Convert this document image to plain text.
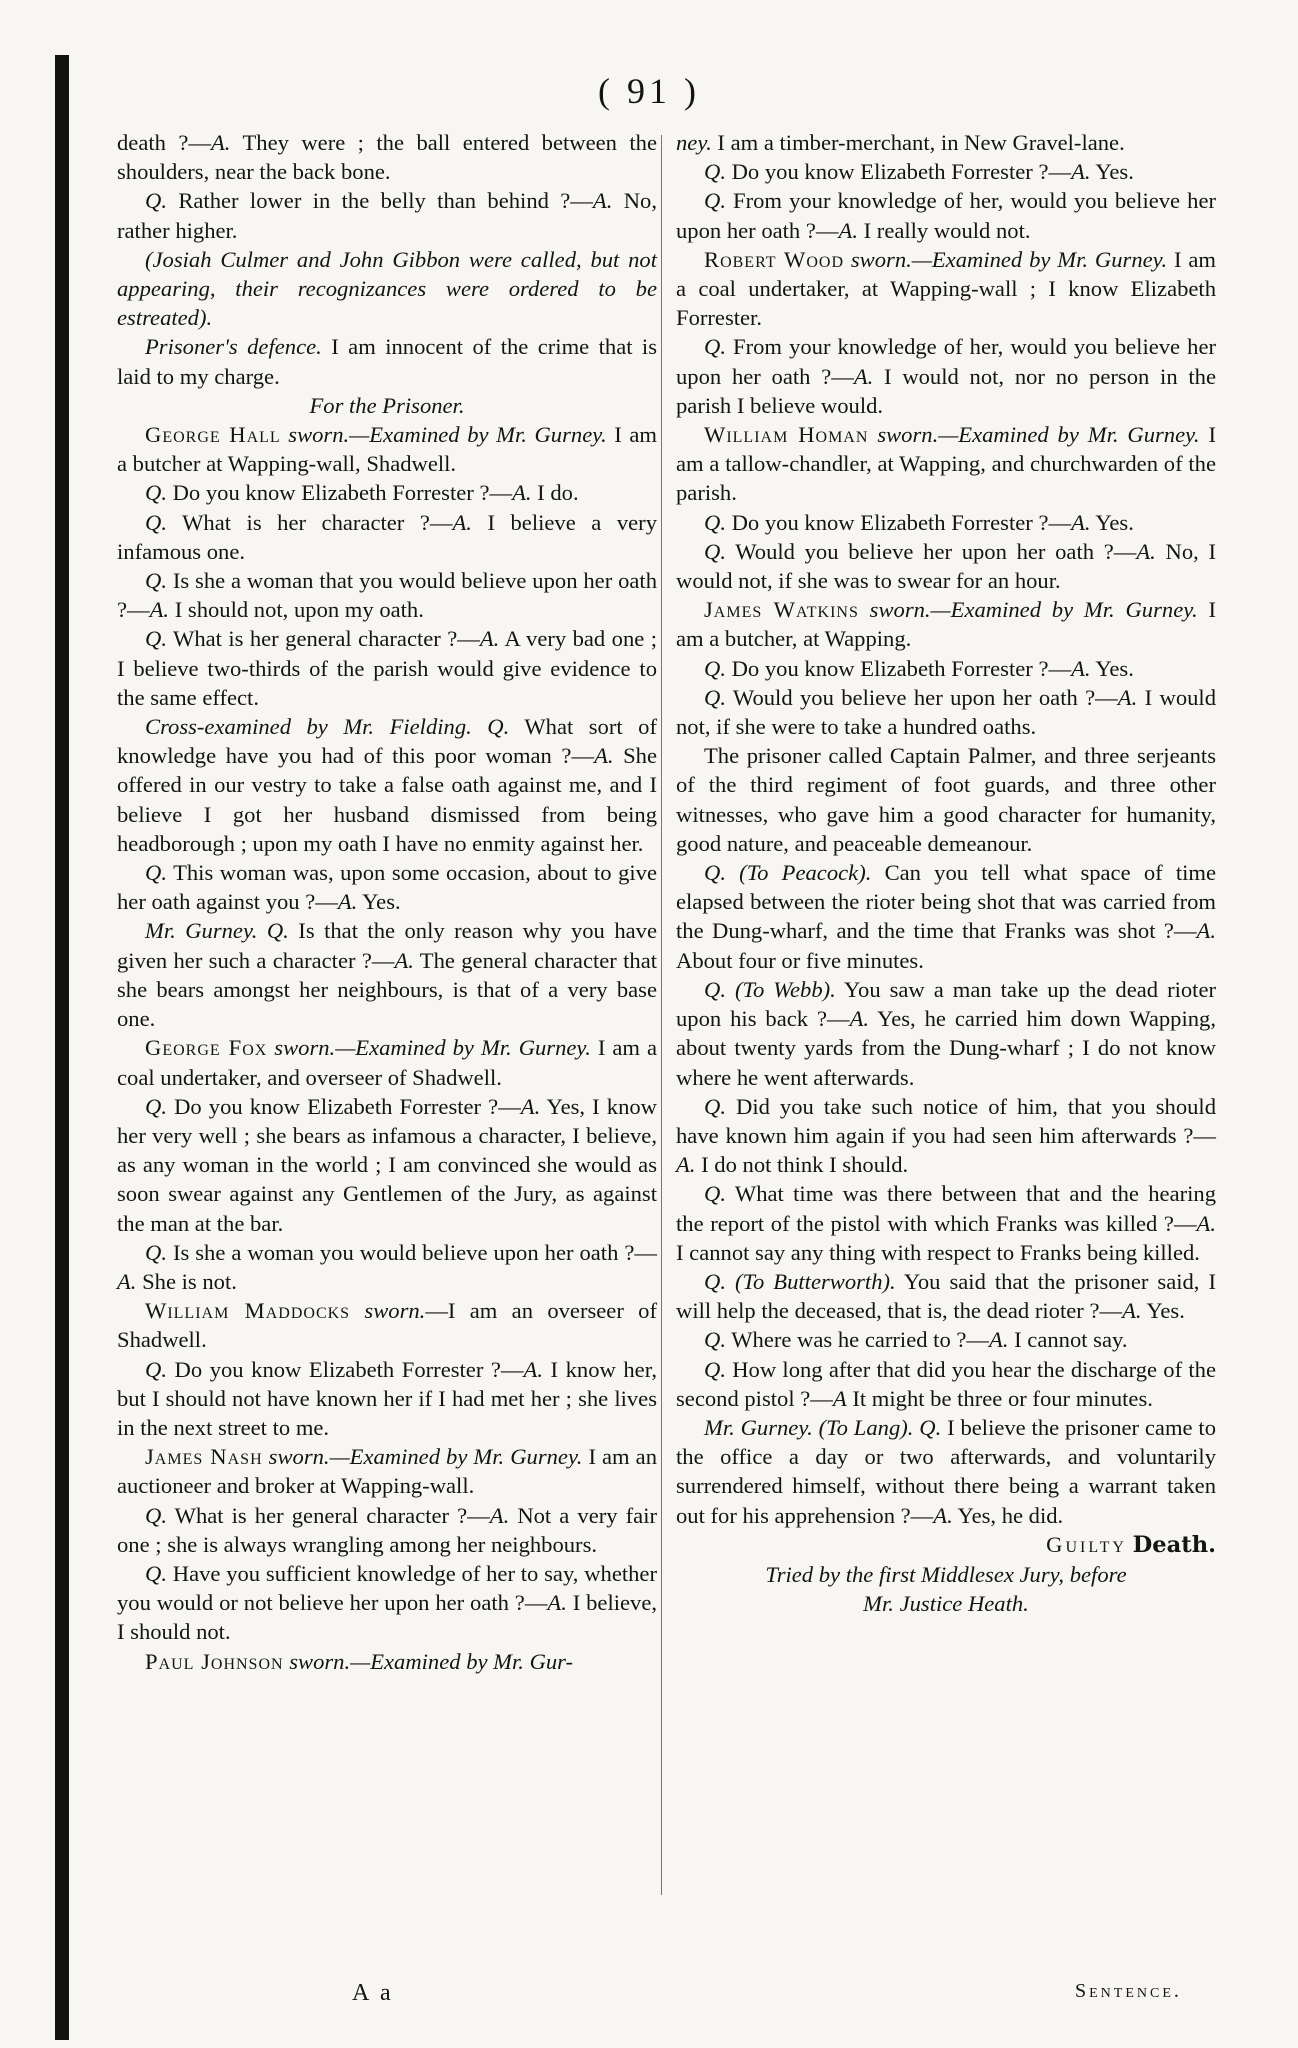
( 91 )

death ?—A. They were ; the ball entered between the shoulders, near the back bone.

Q. Rather lower in the belly than behind ?—A. No, rather higher.

(Josiah Culmer and John Gibbon were called, but not appearing, their recognizances were ordered to be estreated).

Prisoner's defence. I am innocent of the crime that is laid to my charge.

For the Prisoner.

George Hall sworn.—Examined by Mr. Gurney. I am a butcher at Wapping-wall, Shadwell.

Q. Do you know Elizabeth Forrester ?—A. I do.

Q. What is her character ?—A. I believe a very infamous one.

Q. Is she a woman that you would believe upon her oath ?—A. I should not, upon my oath.

Q. What is her general character ?—A. A very bad one ; I believe two-thirds of the parish would give evidence to the same effect.

Cross-examined by Mr. Fielding. Q. What sort of knowledge have you had of this poor woman ?—A. She offered in our vestry to take a false oath against me, and I believe I got her husband dismissed from being headborough ; upon my oath I have no enmity against her.

Q. This woman was, upon some occasion, about to give her oath against you ?—A. Yes.

Mr. Gurney. Q. Is that the only reason why you have given her such a character ?—A. The general character that she bears amongst her neighbours, is that of a very base one.

George Fox sworn.—Examined by Mr. Gurney. I am a coal undertaker, and overseer of Shadwell.

Q. Do you know Elizabeth Forrester ?—A. Yes, I know her very well ; she bears as infamous a character, I believe, as any woman in the world ; I am convinced she would as soon swear against any Gentlemen of the Jury, as against the man at the bar.

Q. Is she a woman you would believe upon her oath ?—A. She is not.

William Maddocks sworn.—I am an overseer of Shadwell.

Q. Do you know Elizabeth Forrester ?—A. I know her, but I should not have known her if I had met her ; she lives in the next street to me.

James Nash sworn.—Examined by Mr. Gurney. I am an auctioneer and broker at Wapping-wall.

Q. What is her general character ?—A. Not a very fair one ; she is always wrangling among her neighbours.

Q. Have you sufficient knowledge of her to say, whether you would or not believe her upon her oath ?—A. I believe, I should not.

Paul Johnson sworn.—Examined by Mr. Gur-

ney. I am a timber-merchant, in New Gravel-lane.

Q. Do you know Elizabeth Forrester ?—A. Yes.

Q. From your knowledge of her, would you believe her upon her oath ?—A. I really would not.

Robert Wood sworn.—Examined by Mr. Gurney. I am a coal undertaker, at Wapping-wall ; I know Elizabeth Forrester.

Q. From your knowledge of her, would you believe her upon her oath ?—A. I would not, nor no person in the parish I believe would.

William Homan sworn.—Examined by Mr. Gurney. I am a tallow-chandler, at Wapping, and churchwarden of the parish.

Q. Do you know Elizabeth Forrester ?—A. Yes.

Q. Would you believe her upon her oath ?—A. No, I would not, if she was to swear for an hour.

James Watkins sworn.—Examined by Mr. Gurney. I am a butcher, at Wapping.

Q. Do you know Elizabeth Forrester ?—A. Yes.

Q. Would you believe her upon her oath ?—A. I would not, if she were to take a hundred oaths.

The prisoner called Captain Palmer, and three serjeants of the third regiment of foot guards, and three other witnesses, who gave him a good character for humanity, good nature, and peaceable demeanour.

Q. (To Peacock). Can you tell what space of time elapsed between the rioter being shot that was carried from the Dung-wharf, and the time that Franks was shot ?—A. About four or five minutes.

Q. (To Webb). You saw a man take up the dead rioter upon his back ?—A. Yes, he carried him down Wapping, about twenty yards from the Dung-wharf ; I do not know where he went afterwards.

Q. Did you take such notice of him, that you should have known him again if you had seen him afterwards ?—A. I do not think I should.

Q. What time was there between that and the hearing the report of the pistol with which Franks was killed ?—A. I cannot say any thing with respect to Franks being killed.

Q. (To Butterworth). You said that the prisoner said, I will help the deceased, that is, the dead rioter ?—A. Yes.

Q. Where was he carried to ?—A. I cannot say.

Q. How long after that did you hear the discharge of the second pistol ?—A It might be three or four minutes.

Mr. Gurney. (To Lang). Q. I believe the prisoner came to the office a day or two afterwards, and voluntarily surrendered himself, without there being a warrant taken out for his apprehension ?—A. Yes, he did.

Guilty Death.

Tried by the first Middlesex Jury, before

Mr. Justice Heath.

A a	Sentence.
